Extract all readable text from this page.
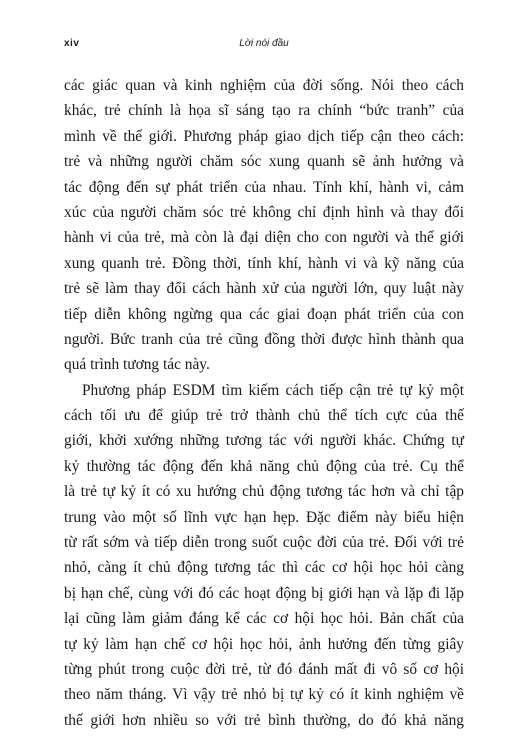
xiv	Lời nói đầu
các giác quan và kinh nghiệm của đời sống. Nói theo cách
khác, trẻ chính là họa sĩ sáng tạo ra chính “bức tranh” của
mình về thế giới. Phương pháp giao dịch tiếp cận theo cách:
trẻ và những người chăm sóc xung quanh sẽ ảnh hưởng và
tác động đến sự phát triển của nhau. Tính khí, hành vi, cảm
xúc của người chăm sóc trẻ không chỉ định hình và thay đổi
hành vi của trẻ, mà còn là đại diện cho con người và thế giới
xung quanh trẻ. Đồng thời, tính khí, hành vi và kỹ năng của
trẻ sẽ làm thay đổi cách hành xử của người lớn, quy luật này
tiếp diễn không ngừng qua các giai đoạn phát triển của con
người. Bức tranh của trẻ cũng đồng thời được hình thành qua
quá trình tương tác này.
Phương pháp ESDM tìm kiếm cách tiếp cận trẻ tự kỷ một
cách tối ưu để giúp trẻ trở thành chủ thể tích cực của thế
giới, khởi xướng những tương tác với người khác. Chứng tự
kỷ thường tác động đến khả năng chủ động của trẻ. Cụ thể
là trẻ tự kỷ ít có xu hướng chủ động tương tác hơn và chỉ tập
trung vào một số lĩnh vực hạn hẹp. Đặc điểm này biểu hiện
từ rất sớm và tiếp diễn trong suốt cuộc đời của trẻ. Đối với trẻ
nhỏ, càng ít chủ động tương tác thì các cơ hội học hỏi càng
bị hạn chế, cùng với đó các hoạt động bị giới hạn và lặp đi lặp
lại cũng làm giảm đáng kể các cơ hội học hỏi. Bản chất của
tự kỷ làm hạn chế cơ hội học hỏi, ảnh hưởng đến từng giây
từng phút trong cuộc đời trẻ, từ đó đánh mất đi vô số cơ hội
theo năm tháng. Vì vậy trẻ nhỏ bị tự kỷ có ít kinh nghiệm về
thế giới hơn nhiều so với trẻ bình thường, do đó khả năng
